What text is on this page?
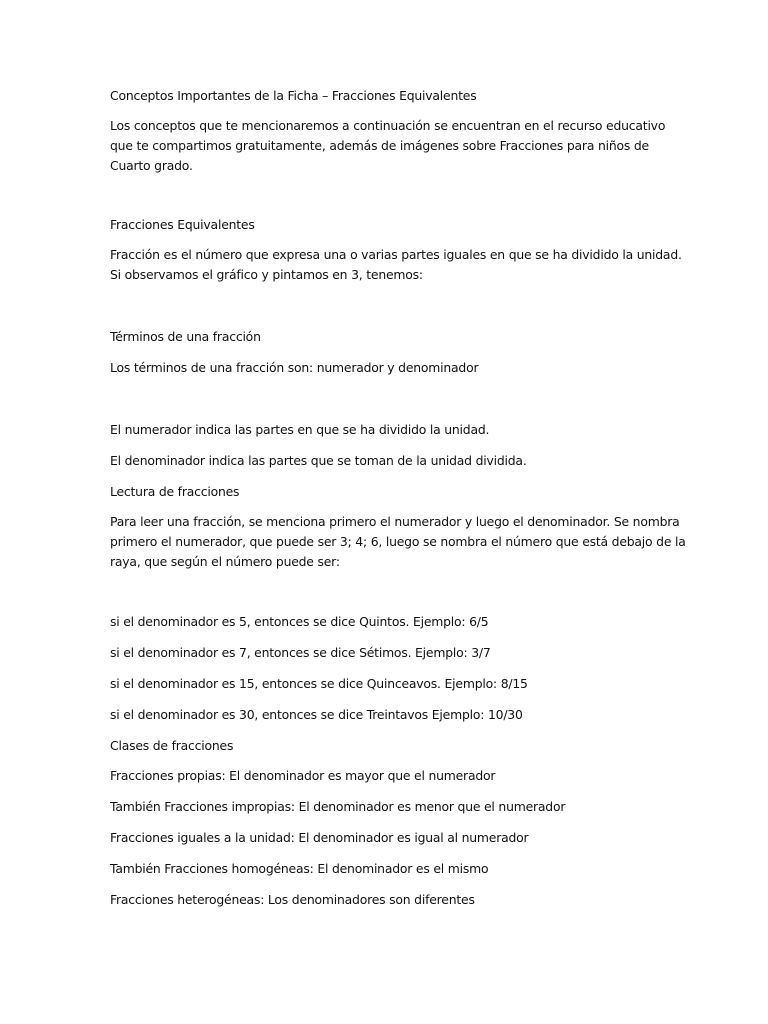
Conceptos Importantes de la Ficha – Fracciones Equivalentes

Los conceptos que te mencionaremos a continuación se encuentran en el recurso educativo
que te compartimos gratuitamente, además de imágenes sobre Fracciones para niños de
Cuarto grado.

Fracciones Equivalentes

Fracción es el número que expresa una o varias partes iguales en que se ha dividido la unidad.
Si observamos el gráfico y pintamos en 3, tenemos:

Términos de una fracción

Los términos de una fracción son: numerador y denominador

El numerador indica las partes en que se ha dividido la unidad.

El denominador indica las partes que se toman de la unidad dividida.

Lectura de fracciones

Para leer una fracción, se menciona primero el numerador y luego el denominador. Se nombra
primero el numerador, que puede ser 3; 4; 6, luego se nombra el número que está debajo de la
raya, que según el número puede ser:

si el denominador es 5, entonces se dice Quintos. Ejemplo: 6/5

si el denominador es 7, entonces se dice Sétimos. Ejemplo: 3/7

si el denominador es 15, entonces se dice Quinceavos. Ejemplo: 8/15

si el denominador es 30, entonces se dice Treintavos Ejemplo: 10/30

Clases de fracciones

Fracciones propias: El denominador es mayor que el numerador

También Fracciones impropias: El denominador es menor que el numerador

Fracciones iguales a la unidad: El denominador es igual al numerador

También Fracciones homogéneas: El denominador es el mismo

Fracciones heterogéneas: Los denominadores son diferentes
